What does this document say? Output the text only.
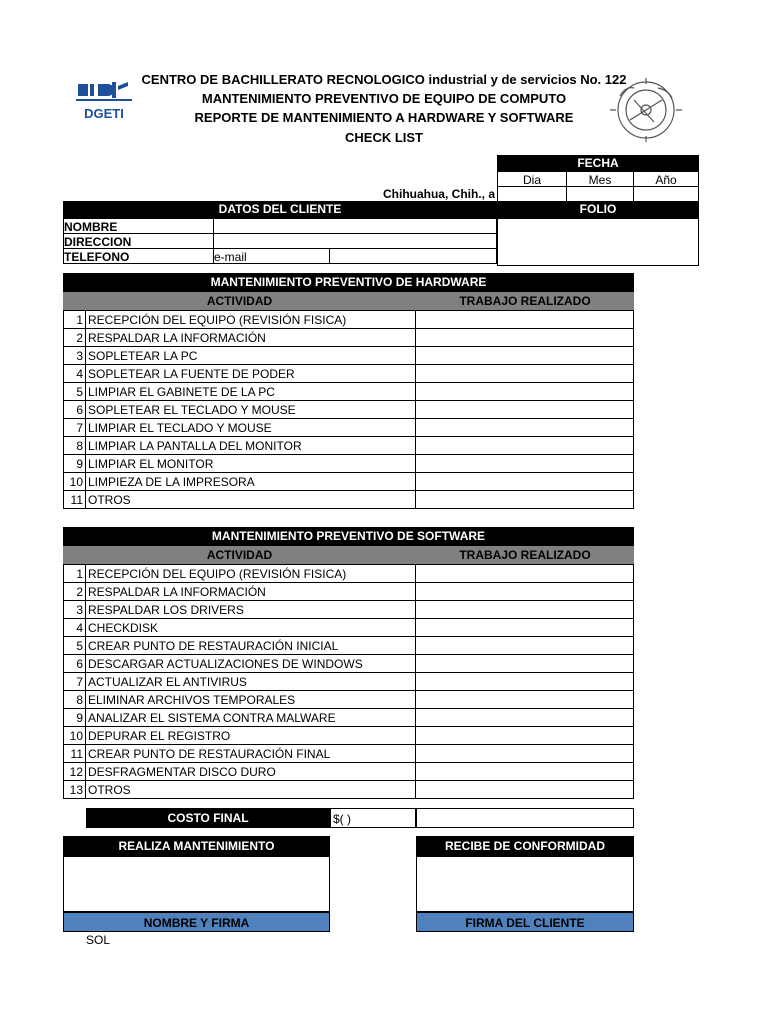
DGETI
CENTRO DE BACHILLERATO RECNOLOGICO industrial y de servicios No. 122
MANTENIMIENTO PREVENTIVO DE EQUIPO DE COMPUTO
REPORTE DE MANTENIMIENTO A HARDWARE Y SOFTWARE
CHECK LIST
FECHA
Dia	Mes	Año
Chihuahua, Chih., a
DATOS DEL CLIENTE	FOLIO
NOMBRE
DIRECCION
TELEFONO	e-mail
MANTENIMIENTO PREVENTIVO DE HARDWARE
ACTIVIDAD	TRABAJO REALIZADO
1	RECEPCIÓN DEL EQUIPO (REVISIÓN FISICA)	
2	RESPALDAR LA INFORMACIÓN	
3	SOPLETEAR LA PC	
4	SOPLETEAR LA FUENTE DE PODER	
5	LIMPIAR EL GABINETE DE LA PC	
6	SOPLETEAR EL TECLADO Y MOUSE	
7	LIMPIAR EL TECLADO Y MOUSE	
8	LIMPIAR LA PANTALLA DEL MONITOR	
9	LIMPIAR EL MONITOR	
10	LIMPIEZA DE LA IMPRESORA	
11	OTROS	
MANTENIMIENTO PREVENTIVO DE SOFTWARE
ACTIVIDAD	TRABAJO REALIZADO
1	RECEPCIÓN DEL EQUIPO (REVISIÓN FISICA)	
2	RESPALDAR LA INFORMACIÓN	
3	RESPALDAR LOS DRIVERS	
4	CHECKDISK	
5	CREAR PUNTO DE RESTAURACIÓN INICIAL	
6	DESCARGAR ACTUALIZACIONES DE WINDOWS	
7	ACTUALIZAR EL ANTIVIRUS	
8	ELIMINAR ARCHIVOS TEMPORALES	
9	ANALIZAR EL SISTEMA CONTRA MALWARE	
10	DEPURAR EL REGISTRO	
11	CREAR PUNTO DE RESTAURACIÓN FINAL	
12	DESFRAGMENTAR DISCO DURO	
13	OTROS	
COSTO FINAL	$( )
REALIZA MANTENIMIENTO
NOMBRE Y FIRMA
RECIBE DE CONFORMIDAD
FIRMA DEL CLIENTE
SOL
